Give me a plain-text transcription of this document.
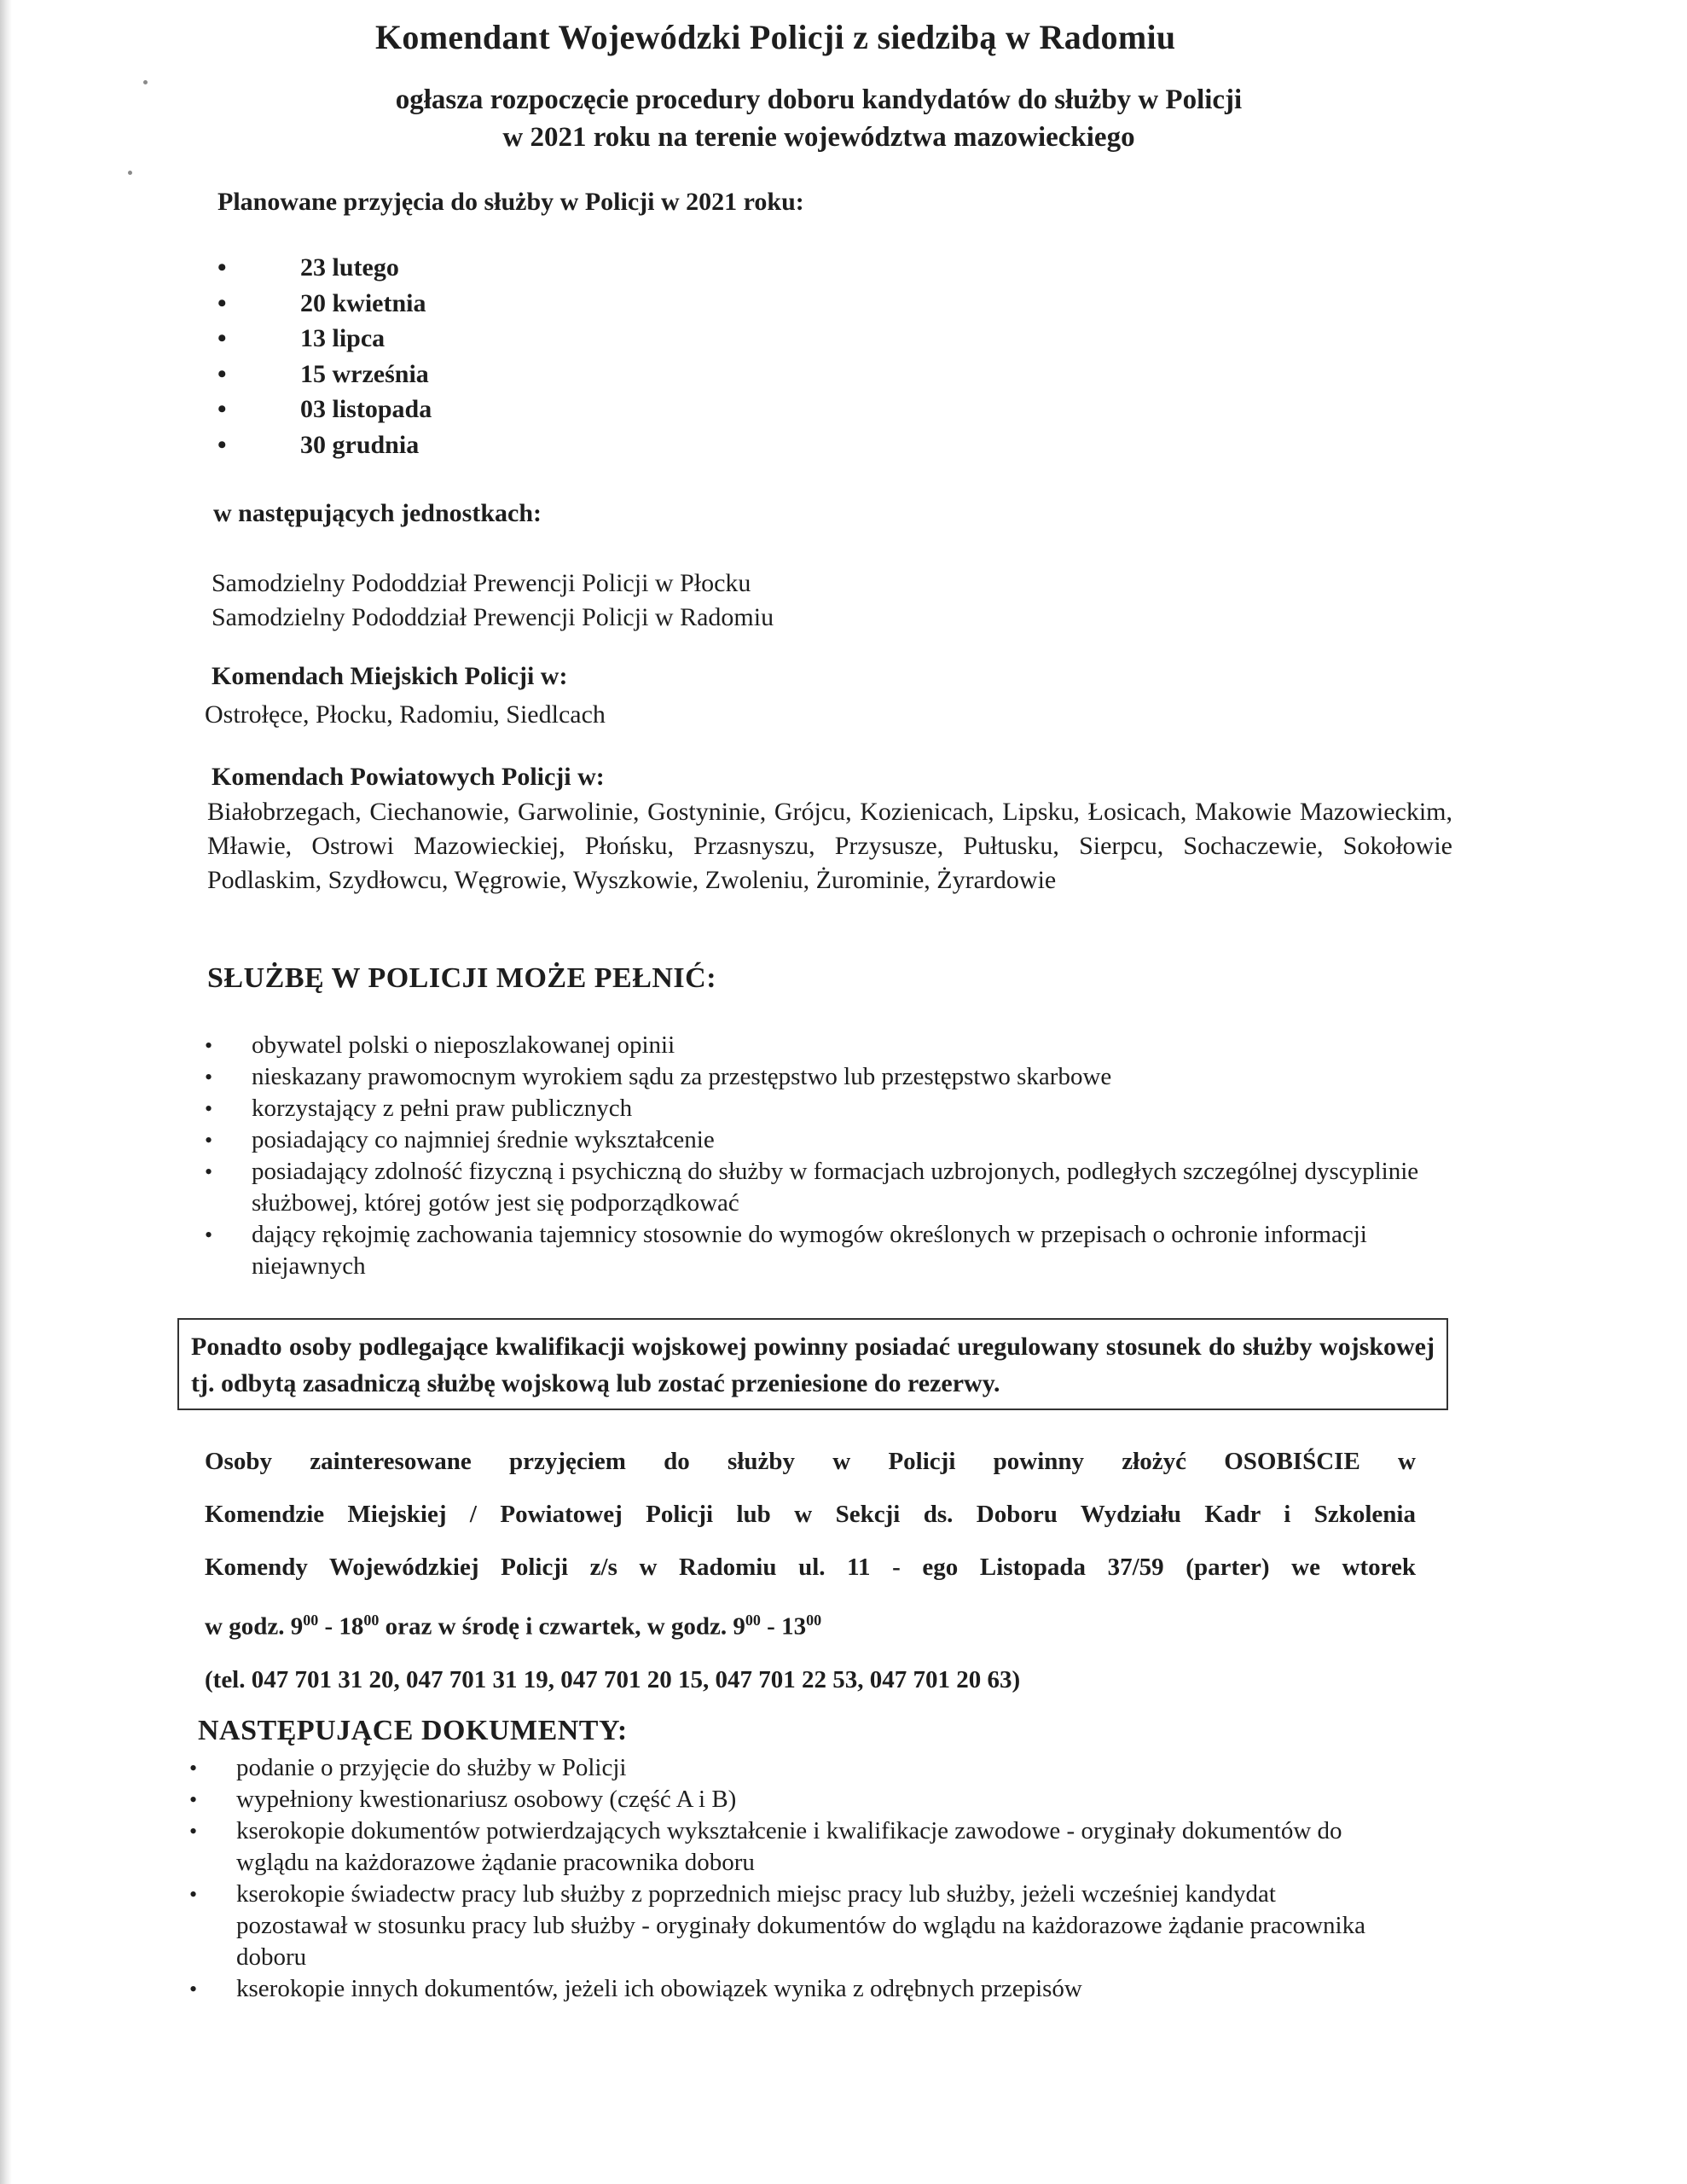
Komendant Wojewódzki Policji z siedzibą w Radomiu
ogłasza rozpoczęcie procedury doboru kandydatów do służby w Policji
w 2021 roku na terenie województwa mazowieckiego
Planowane przyjęcia do służby w Policji w 2021 roku:
• 23 lutego
• 20 kwietnia
• 13 lipca
• 15 września
• 03 listopada
• 30 grudnia
w następujących jednostkach:
Samodzielny Pododdział Prewencji Policji w Płocku
Samodzielny Pododdział Prewencji Policji w Radomiu
Komendach Miejskich Policji w:
Ostrołęce, Płocku, Radomiu, Siedlcach
Komendach Powiatowych Policji w:
Białobrzegach, Ciechanowie, Garwolinie, Gostyninie, Grójcu, Kozienicach, Lipsku, Łosicach, Makowie Mazowieckim, Mławie, Ostrowi Mazowieckiej, Płońsku, Przasnyszu, Przysusze, Pułtusku, Sierpcu, Sochaczewie, Sokołowie Podlaskim, Szydłowcu, Węgrowie, Wyszkowie, Zwoleniu, Żurominie, Żyrardowie
SŁUŻBĘ W POLICJI MOŻE PEŁNIĆ:
• obywatel polski o nieposzlakowanej opinii
• nieskazany prawomocnym wyrokiem sądu za przestępstwo lub przestępstwo skarbowe
• korzystający z pełni praw publicznych
• posiadający co najmniej średnie wykształcenie
• posiadający zdolność fizyczną i psychiczną do służby w formacjach uzbrojonych, podległych szczególnej dyscyplinie służbowej, której gotów jest się podporządkować
• dający rękojmię zachowania tajemnicy stosownie do wymogów określonych w przepisach o ochronie informacji niejawnych
Ponadto osoby podlegające kwalifikacji wojskowej powinny posiadać uregulowany stosunek do służby wojskowej tj. odbytą zasadniczą służbę wojskową lub zostać przeniesione do rezerwy.

Osoby zainteresowane przyjęciem do służby w Policji powinny złożyć OSOBIŚCIE w

Komendzie Miejskiej / Powiatowej Policji lub w Sekcji ds. Doboru Wydziału Kadr i Szkolenia

Komendy Wojewódzkiej Policji z/s w Radomiu ul. 11 - ego Listopada 37/59 (parter) we wtorek

w godz. $9^{00} - 18^{00}$ oraz w środę i czwartek, w godz. $9^{00} - 13^{00}$

(tel. 047 701 31 20, 047 701 31 19, 047 701 20 15, 047 701 22 53, 047 701 20 63)

NASTĘPUJĄCE DOKUMENTY:
• podanie o przyjęcie do służby w Policji
• wypełniony kwestionariusz osobowy (część A i B)
• kserokopie dokumentów potwierdzających wykształcenie i kwalifikacje zawodowe - oryginały dokumentów do wglądu na każdorazowe żądanie pracownika doboru
• kserokopie świadectw pracy lub służby z poprzednich miejsc pracy lub służby, jeżeli wcześniej kandydat pozostawał w stosunku pracy lub służby - oryginały dokumentów do wglądu na każdorazowe żądanie pracownika doboru
• kserokopie innych dokumentów, jeżeli ich obowiązek wynika z odrębnych przepisów
